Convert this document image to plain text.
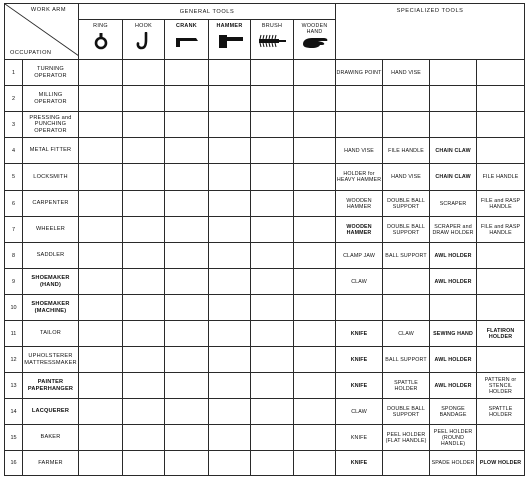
WORK ARM
OCCUPATION		GENERAL TOOLS						SPECIALIZED TOOLS			

		RING	HOOK	CRANK	HAMMER	BRUSH	WOODEN
HAND				

1	TURNING OPERATOR							DRAWING POINT	HAND VISE		
2	MILLING OPERATOR										
3	PRESSING and PUNCHING OPERATOR										
4	METAL FITTER							HAND VISE	FILE HANDLE	CHAIN CLAW	
5	LOCKSMITH							HOLDER for HEAVY HAMMER	HAND VISE	CHAIN CLAW	FILE HANDLE
6	CARPENTER							WOODEN HAMMER	DOUBLE BALL SUPPORT	SCRAPER	FILE and RASP HANDLE
7	WHEELER							WOODEN HAMMER	DOUBLE BALL SUPPORT	SCRAPER and DRAW HOLDER	FILE and RASP HANDLE
8	SADDLER							CLAMP JAW	BALL SUPPORT	AWL HOLDER	
9	SHOEMAKER (HAND)							CLAW		AWL HOLDER	
10	SHOEMAKER (MACHINE)										
11	TAILOR							KNIFE	CLAW	SEWING HAND	FLATIRON HOLDER
12	UPHOLSTERER MATTRESSMAKER							KNIFE	BALL SUPPORT	AWL HOLDER	
13	PAINTER PAPERHANGER							KNIFE	SPATTLE HOLDER	AWL HOLDER	PATTERN or STENCIL HOLDER
14	LACQUERER							CLAW	DOUBLE BALL SUPPORT	SPONGE BANDAGE	SPATTLE HOLDER
15	BAKER							KNIFE	PEEL HOLDER (FLAT HANDLE)	PEEL HOLDER (ROUND HANDLE)	
16	FARMER							KNIFE		SPADE HOLDER	PLOW HOLDER
